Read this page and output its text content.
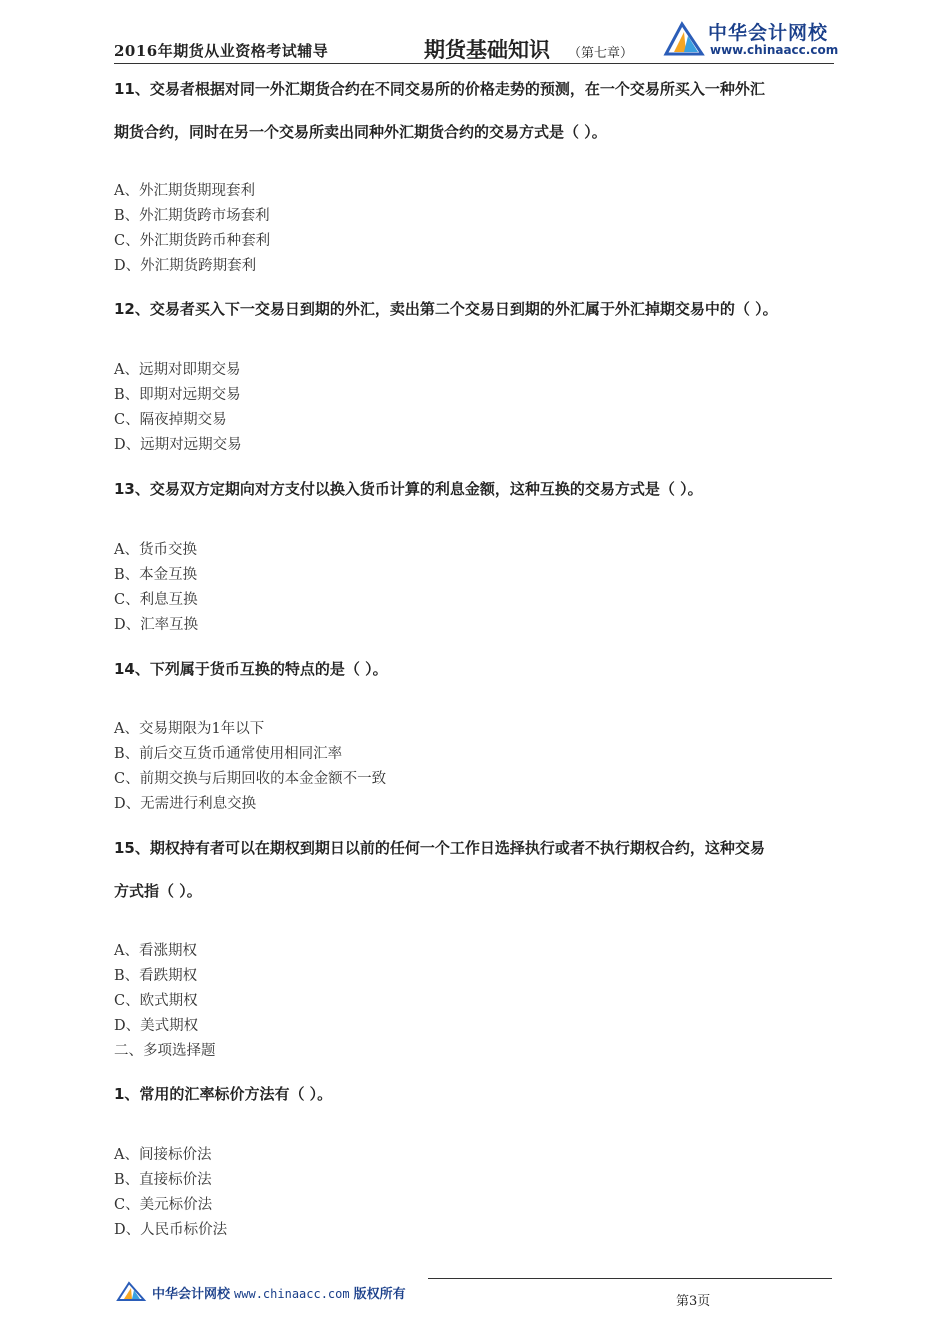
2016年期货从业资格考试辅导	期货基础知识 （第七章）
中华会计网校
www.chinaacc.com
11、交易者根据对同一外汇期货合约在不同交易所的价格走势的预测，在一个交易所买入一种外汇
期货合约，同时在另一个交易所卖出同种外汇期货合约的交易方式是（ ）。
A、外汇期货期现套利
B、外汇期货跨市场套利
C、外汇期货跨币种套利
D、外汇期货跨期套利
12、交易者买入下一交易日到期的外汇，卖出第二个交易日到期的外汇属于外汇掉期交易中的（ ）。
A、远期对即期交易
B、即期对远期交易
C、隔夜掉期交易
D、远期对远期交易
13、交易双方定期向对方支付以换入货币计算的利息金额，这种互换的交易方式是（ ）。
A、货币交换
B、本金互换
C、利息互换
D、汇率互换
14、下列属于货币互换的特点的是（ ）。
A、交易期限为1年以下
B、前后交互货币通常使用相同汇率
C、前期交换与后期回收的本金金额不一致
D、无需进行利息交换
15、期权持有者可以在期权到期日以前的任何一个工作日选择执行或者不执行期权合约，这种交易
方式指（ ）。
A、看涨期权
B、看跌期权
C、欧式期权
D、美式期权
二、多项选择题
1、常用的汇率标价方法有（ ）。
A、间接标价法
B、直接标价法
C、美元标价法
D、人民币标价法
中华会计网校 www.chinaacc.com 版权所有	第3页
